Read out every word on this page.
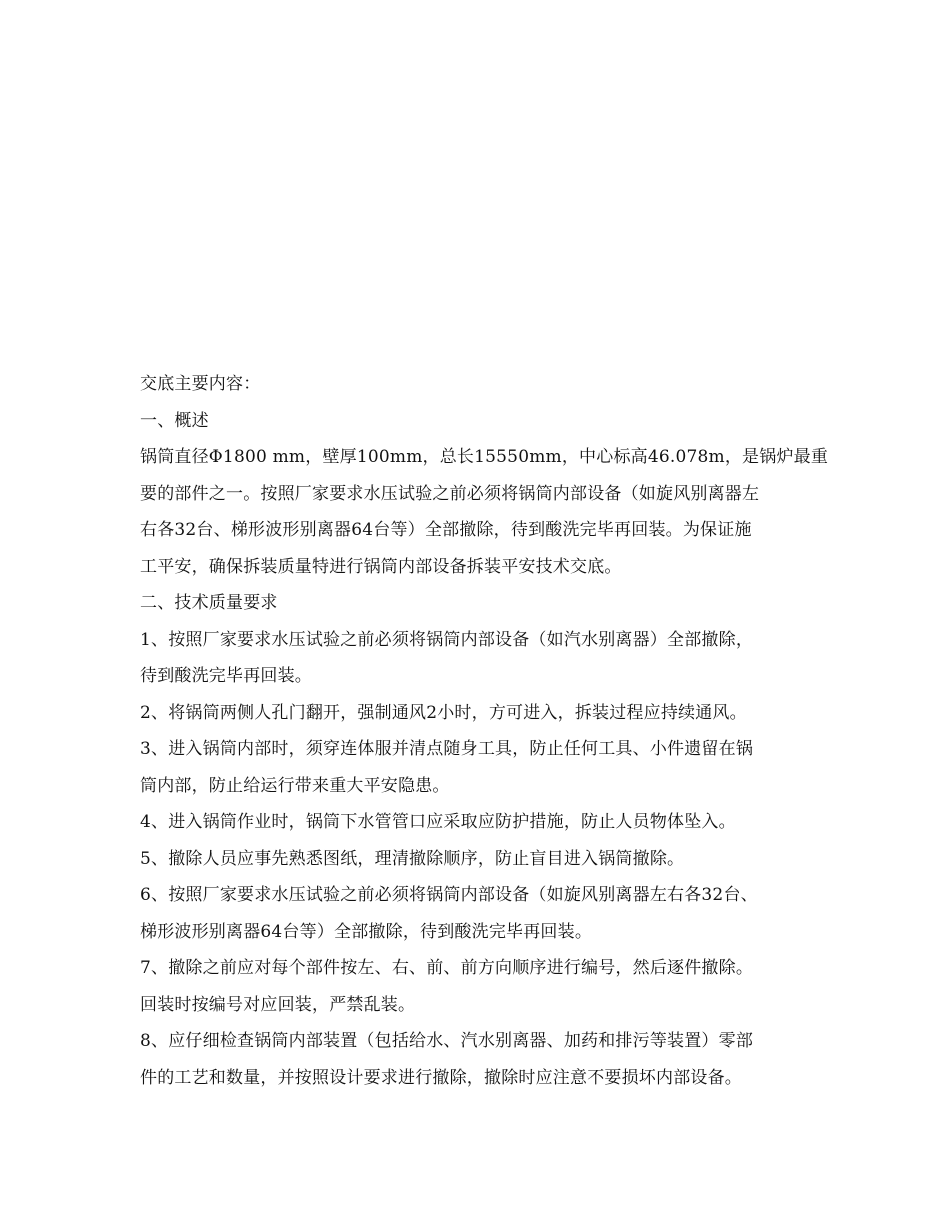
交底主要内容：

一、概述

锅筒直径Φ1800 mm，壁厚100mm，总长15550mm，中心标高46.078m，是锅炉最重

要的部件之一。按照厂家要求水压试验之前必须将锅筒内部设备（如旋风别离器左

右各32台、梯形波形别离器64台等）全部撤除，待到酸洗完毕再回装。为保证施

工平安，确保拆装质量特进行锅筒内部设备拆装平安技术交底。

二、技术质量要求

1、按照厂家要求水压试验之前必须将锅筒内部设备（如汽水别离器）全部撤除，

待到酸洗完毕再回装。

2、将锅筒两侧人孔门翻开，强制通风2小时，方可进入，拆装过程应持续通风。

3、进入锅筒内部时，须穿连体服并清点随身工具，防止任何工具、小件遗留在锅

筒内部，防止给运行带来重大平安隐患。

4、进入锅筒作业时，锅筒下水管管口应采取应防护措施，防止人员物体坠入。

5、撤除人员应事先熟悉图纸，理清撤除顺序，防止盲目进入锅筒撤除。

6、按照厂家要求水压试验之前必须将锅筒内部设备（如旋风别离器左右各32台、

梯形波形别离器64台等）全部撤除，待到酸洗完毕再回装。

7、撤除之前应对每个部件按左、右、前、前方向顺序进行编号，然后逐件撤除。

回装时按编号对应回装，严禁乱装。

8、应仔细检查锅筒内部装置（包括给水、汽水别离器、加药和排污等装置）零部

件的工艺和数量，并按照设计要求进行撤除，撤除时应注意不要损坏内部设备。
